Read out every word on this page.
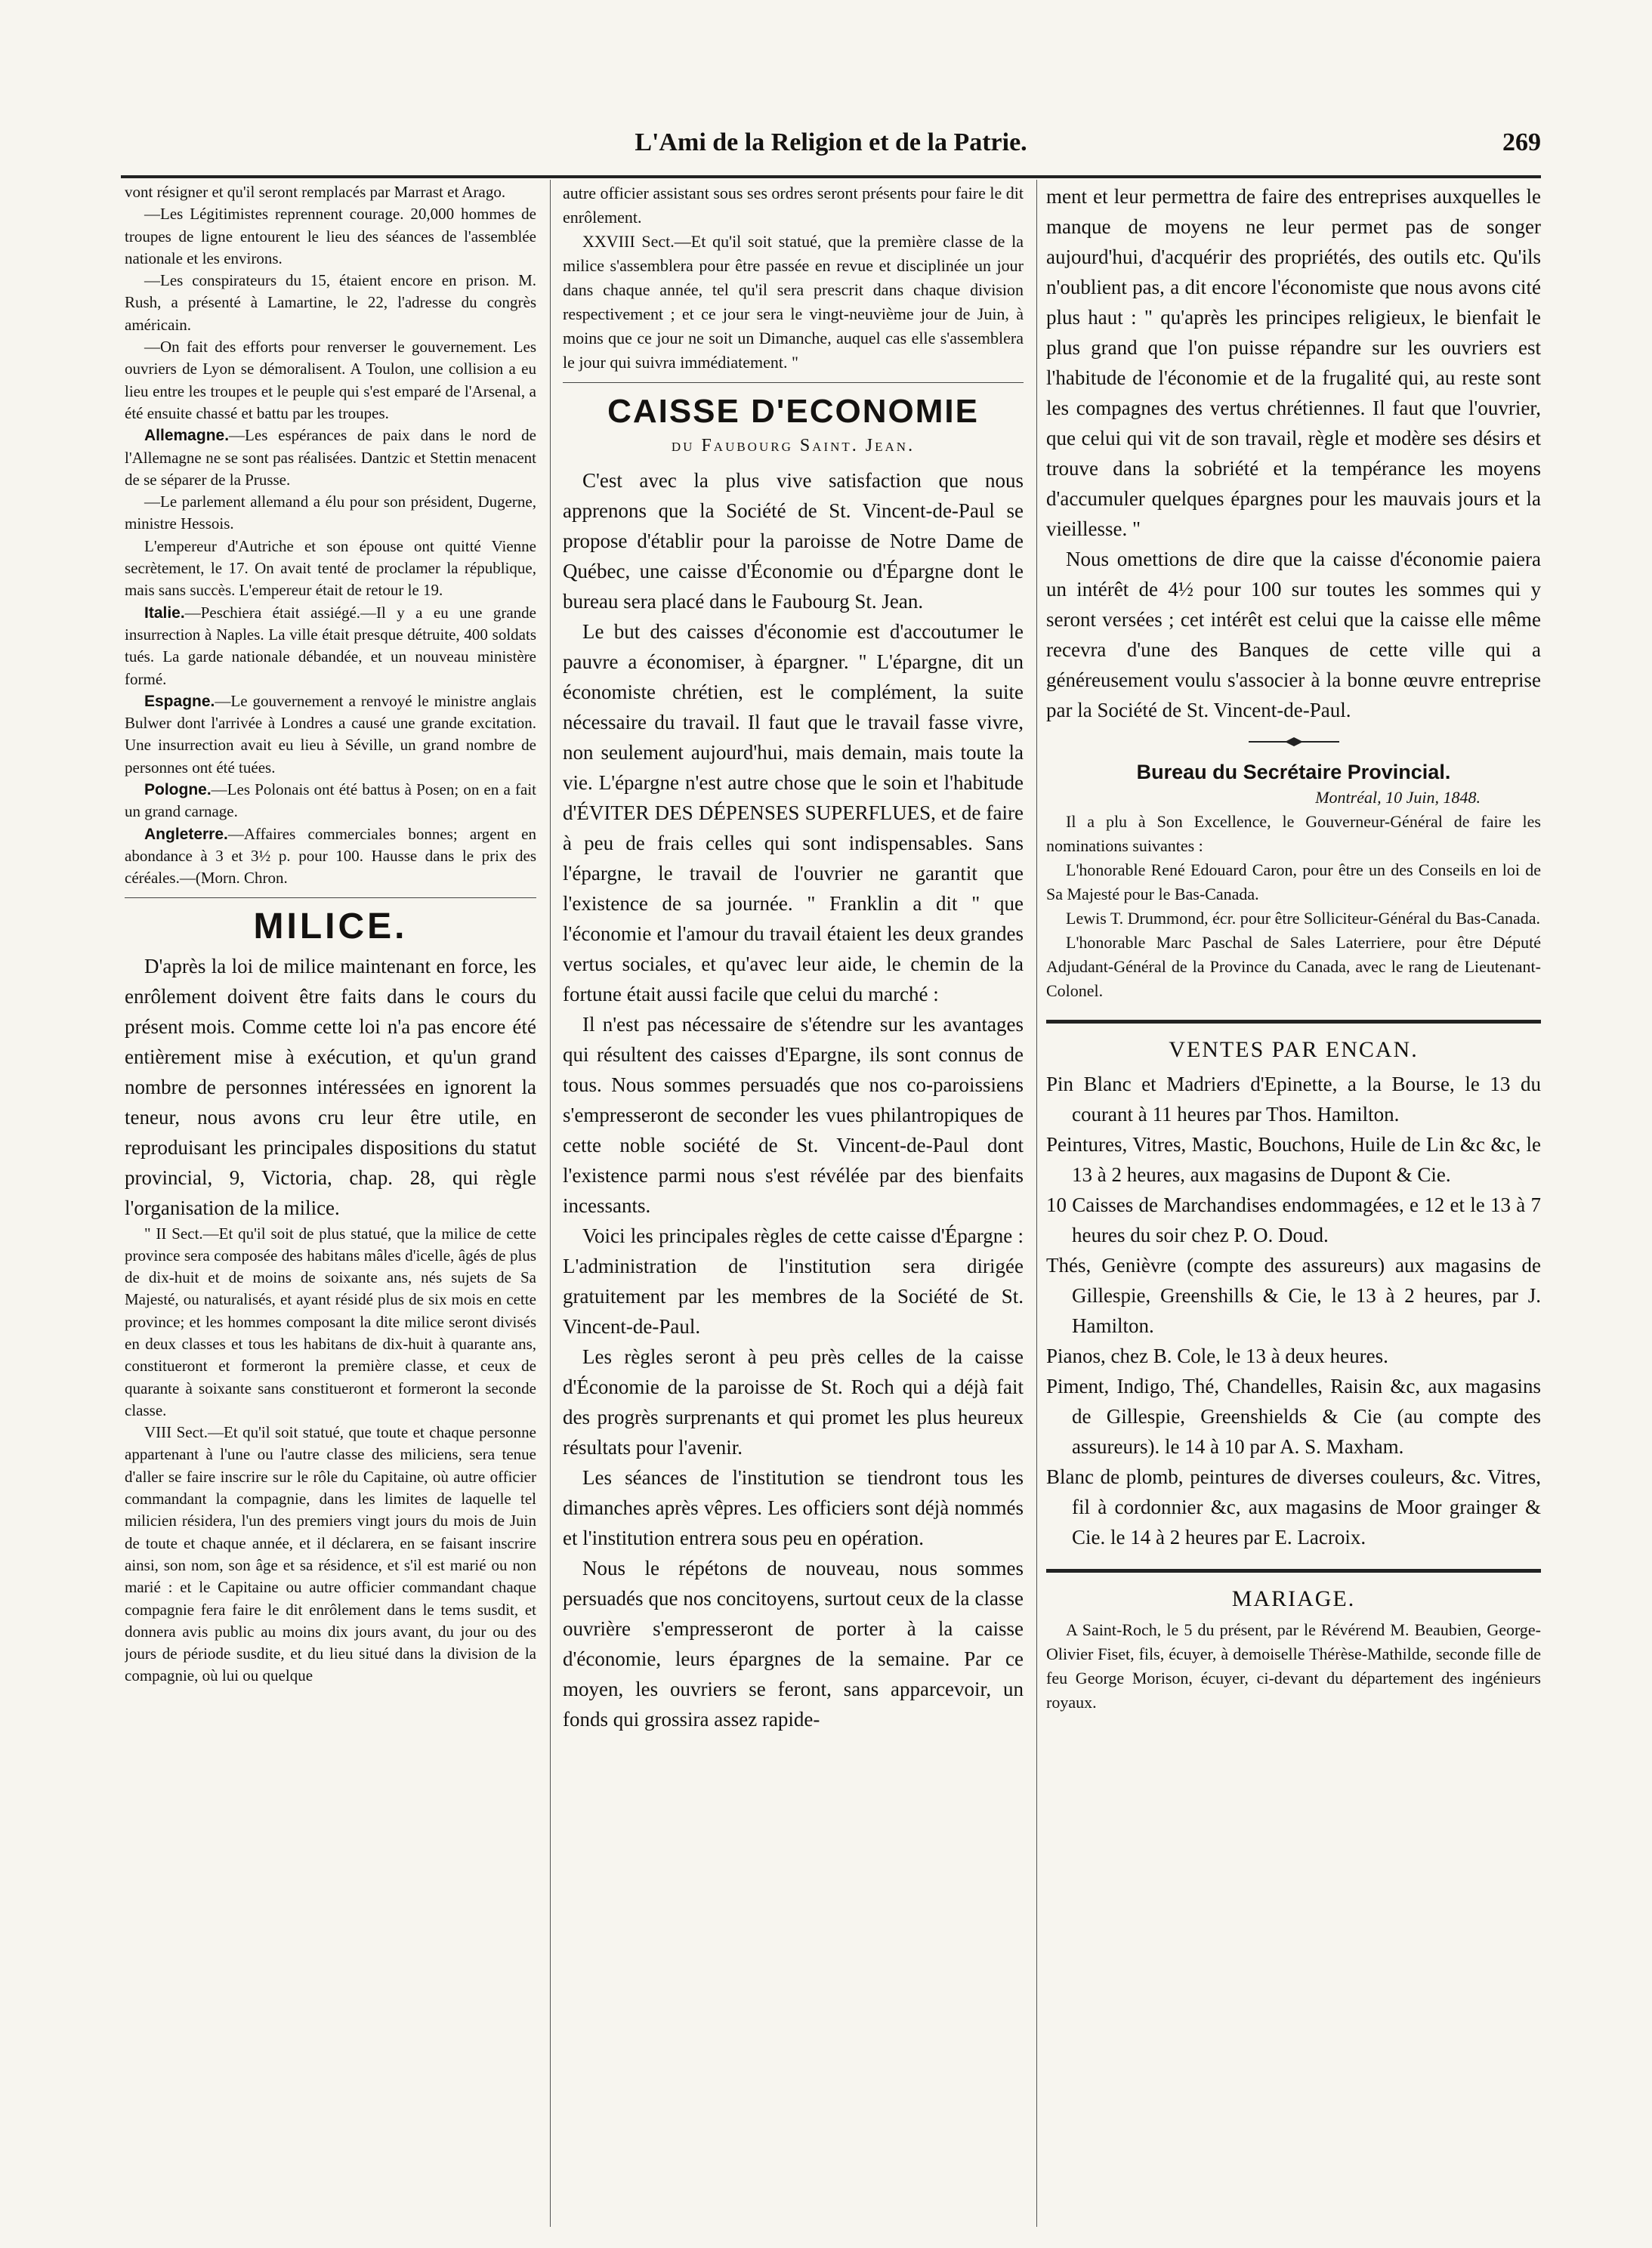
L'Ami de la Religion et de la Patrie.	269

vont résigner et qu'il seront remplacés par Marrast et Arago.

—Les Légitimistes reprennent courage. 20,000 hommes de troupes de ligne entourent le lieu des séances de l'assemblée nationale et les environs.

—Les conspirateurs du 15, étaient encore en prison. M. Rush, a présenté à Lamartine, le 22, l'adresse du congrès américain.

—On fait des efforts pour renverser le gouvernement. Les ouvriers de Lyon se démoralisent. A Toulon, une collision a eu lieu entre les troupes et le peuple qui s'est emparé de l'Arsenal, a été ensuite chassé et battu par les troupes.

Allemagne.—Les espérances de paix dans le nord de l'Allemagne ne se sont pas réalisées. Dantzic et Stettin menacent de se séparer de la Prusse.

—Le parlement allemand a élu pour son président, Dugerne, ministre Hessois.

L'empereur d'Autriche et son épouse ont quitté Vienne secrètement, le 17. On avait tenté de proclamer la république, mais sans succès. L'empereur était de retour le 19.

Italie.—Peschiera était assiégé.—Il y a eu une grande insurrection à Naples. La ville était presque détruite, 400 soldats tués. La garde nationale débandée, et un nouveau ministère formé.

Espagne.—Le gouvernement a renvoyé le ministre anglais Bulwer dont l'arrivée à Londres a causé une grande excitation. Une insurrection avait eu lieu à Séville, un grand nombre de personnes ont été tuées.

Pologne.—Les Polonais ont été battus à Posen; on en a fait un grand carnage.

Angleterre.—Affaires commerciales bonnes; argent en abondance à 3 et 3½ p. pour 100. Hausse dans le prix des céréales.—(Morn. Chron.

MILICE.

D'après la loi de milice maintenant en force, les enrôlement doivent être faits dans le cours du présent mois. Comme cette loi n'a pas encore été entièrement mise à exécution, et qu'un grand nombre de personnes intéressées en ignorent la teneur, nous avons cru leur être utile, en reproduisant les principales dispositions du statut provincial, 9, Victoria, chap. 28, qui règle l'organisation de la milice.

" II Sect.—Et qu'il soit de plus statué, que la milice de cette province sera composée des habitans mâles d'icelle, âgés de plus de dix-huit et de moins de soixante ans, nés sujets de Sa Majesté, ou naturalisés, et ayant résidé plus de six mois en cette province; et les hommes composant la dite milice seront divisés en deux classes et tous les habitans de dix-huit à quarante ans, constitueront et formeront la première classe, et ceux de quarante à soixante sans constitueront et formeront la seconde classe.

VIII Sect.—Et qu'il soit statué, que toute et chaque personne appartenant à l'une ou l'autre classe des miliciens, sera tenue d'aller se faire inscrire sur le rôle du Capitaine, où autre officier commandant la compagnie, dans les limites de laquelle tel milicien résidera, l'un des premiers vingt jours du mois de Juin de toute et chaque année, et il déclarera, en se faisant inscrire ainsi, son nom, son âge et sa résidence, et s'il est marié ou non marié : et le Capitaine ou autre officier commandant chaque compagnie fera faire le dit enrôlement dans le tems susdit, et donnera avis public au moins dix jours avant, du jour ou des jours de période susdite, et du lieu situé dans la division de la compagnie, où lui ou quelque

autre officier assistant sous ses ordres seront présents pour faire le dit enrôlement.

XXVIII Sect.—Et qu'il soit statué, que la première classe de la milice s'assemblera pour être passée en revue et disciplinée un jour dans chaque année, tel qu'il sera prescrit dans chaque division respectivement ; et ce jour sera le vingt-neuvième jour de Juin, à moins que ce jour ne soit un Dimanche, auquel cas elle s'assemblera le jour qui suivra immédiatement. "

CAISSE D'ECONOMIE
du Faubourg Saint. Jean.

C'est avec la plus vive satisfaction que nous apprenons que la Société de St. Vincent-de-Paul se propose d'établir pour la paroisse de Notre Dame de Québec, une caisse d'Économie ou d'Épargne dont le bureau sera placé dans le Faubourg St. Jean.

Le but des caisses d'économie est d'accoutumer le pauvre a économiser, à épargner. " L'épargne, dit un économiste chrétien, est le complément, la suite nécessaire du travail. Il faut que le travail fasse vivre, non seulement aujourd'hui, mais demain, mais toute la vie. L'épargne n'est autre chose que le soin et l'habitude d'ÉVITER DES DÉPENSES SUPERFLUES, et de faire à peu de frais celles qui sont indispensables. Sans l'épargne, le travail de l'ouvrier ne garantit que l'existence de sa journée. " Franklin a dit " que l'économie et l'amour du travail étaient les deux grandes vertus sociales, et qu'avec leur aide, le chemin de la fortune était aussi facile que celui du marché :

Il n'est pas nécessaire de s'étendre sur les avantages qui résultent des caisses d'Epargne, ils sont connus de tous. Nous sommes persuadés que nos co-paroissiens s'empresseront de seconder les vues philantropiques de cette noble société de St. Vincent-de-Paul dont l'existence parmi nous s'est révélée par des bienfaits incessants.

Voici les principales règles de cette caisse d'Épargne : L'administration de l'institution sera dirigée gratuitement par les membres de la Société de St. Vincent-de-Paul.

Les règles seront à peu près celles de la caisse d'Économie de la paroisse de St. Roch qui a déjà fait des progrès surprenants et qui promet les plus heureux résultats pour l'avenir.

Les séances de l'institution se tiendront tous les dimanches après vêpres. Les officiers sont déjà nommés et l'institution entrera sous peu en opération.

Nous le répétons de nouveau, nous sommes persuadés que nos concitoyens, surtout ceux de la classe ouvrière s'empresseront de porter à la caisse d'économie, leurs épargnes de la semaine. Par ce moyen, les ouvriers se feront, sans apparcevoir, un fonds qui grossira assez rapide-

ment et leur permettra de faire des entreprises auxquelles le manque de moyens ne leur permet pas de songer aujourd'hui, d'acquérir des propriétés, des outils etc. Qu'ils n'oublient pas, a dit encore l'économiste que nous avons cité plus haut : " qu'après les principes religieux, le bienfait le plus grand que l'on puisse répandre sur les ouvriers est l'habitude de l'économie et de la frugalité qui, au reste sont les compagnes des vertus chrétiennes. Il faut que l'ouvrier, que celui qui vit de son travail, règle et modère ses désirs et trouve dans la sobriété et la tempérance les moyens d'accumuler quelques épargnes pour les mauvais jours et la vieillesse. "

Nous omettions de dire que la caisse d'économie paiera un intérêt de 4½ pour 100 sur toutes les sommes qui y seront versées ; cet intérêt est celui que la caisse elle même recevra d'une des Banques de cette ville qui a généreusement voulu s'associer à la bonne œuvre entreprise par la Société de St. Vincent-de-Paul.

Bureau du Secrétaire Provincial.
Montréal, 10 Juin, 1848.

Il a plu à Son Excellence, le Gouverneur-Général de faire les nominations suivantes :

L'honorable René Edouard Caron, pour être un des Conseils en loi de Sa Majesté pour le Bas-Canada.

Lewis T. Drummond, écr. pour être Solliciteur-Général du Bas-Canada.

L'honorable Marc Paschal de Sales Laterriere, pour être Député Adjudant-Général de la Province du Canada, avec le rang de Lieutenant-Colonel.

VENTES PAR ENCAN.

Pin Blanc et Madriers d'Epinette, a la Bourse, le 13 du courant à 11 heures par Thos. Hamilton.

Peintures, Vitres, Mastic, Bouchons, Huile de Lin &c &c, le 13 à 2 heures, aux magasins de Dupont & Cie.

10 Caisses de Marchandises endommagées, e 12 et le 13 à 7 heures du soir chez P. O. Doud.

Thés, Genièvre (compte des assureurs) aux magasins de Gillespie, Greenshills & Cie, le 13 à 2 heures, par J. Hamilton.

Pianos, chez B. Cole, le 13 à deux heures.

Piment, Indigo, Thé, Chandelles, Raisin &c, aux magasins de Gillespie, Greenshields & Cie (au compte des assureurs). le 14 à 10 par A. S. Maxham.

Blanc de plomb, peintures de diverses couleurs, &c. Vitres, fil à cordonnier &c, aux magasins de Moor grainger & Cie. le 14 à 2 heures par E. Lacroix.

MARIAGE.

A Saint-Roch, le 5 du présent, par le Révérend M. Beaubien, George-Olivier Fiset, fils, écuyer, à demoiselle Thérèse-Mathilde, seconde fille de feu George Morison, écuyer, ci-devant du département des ingénieurs royaux.
